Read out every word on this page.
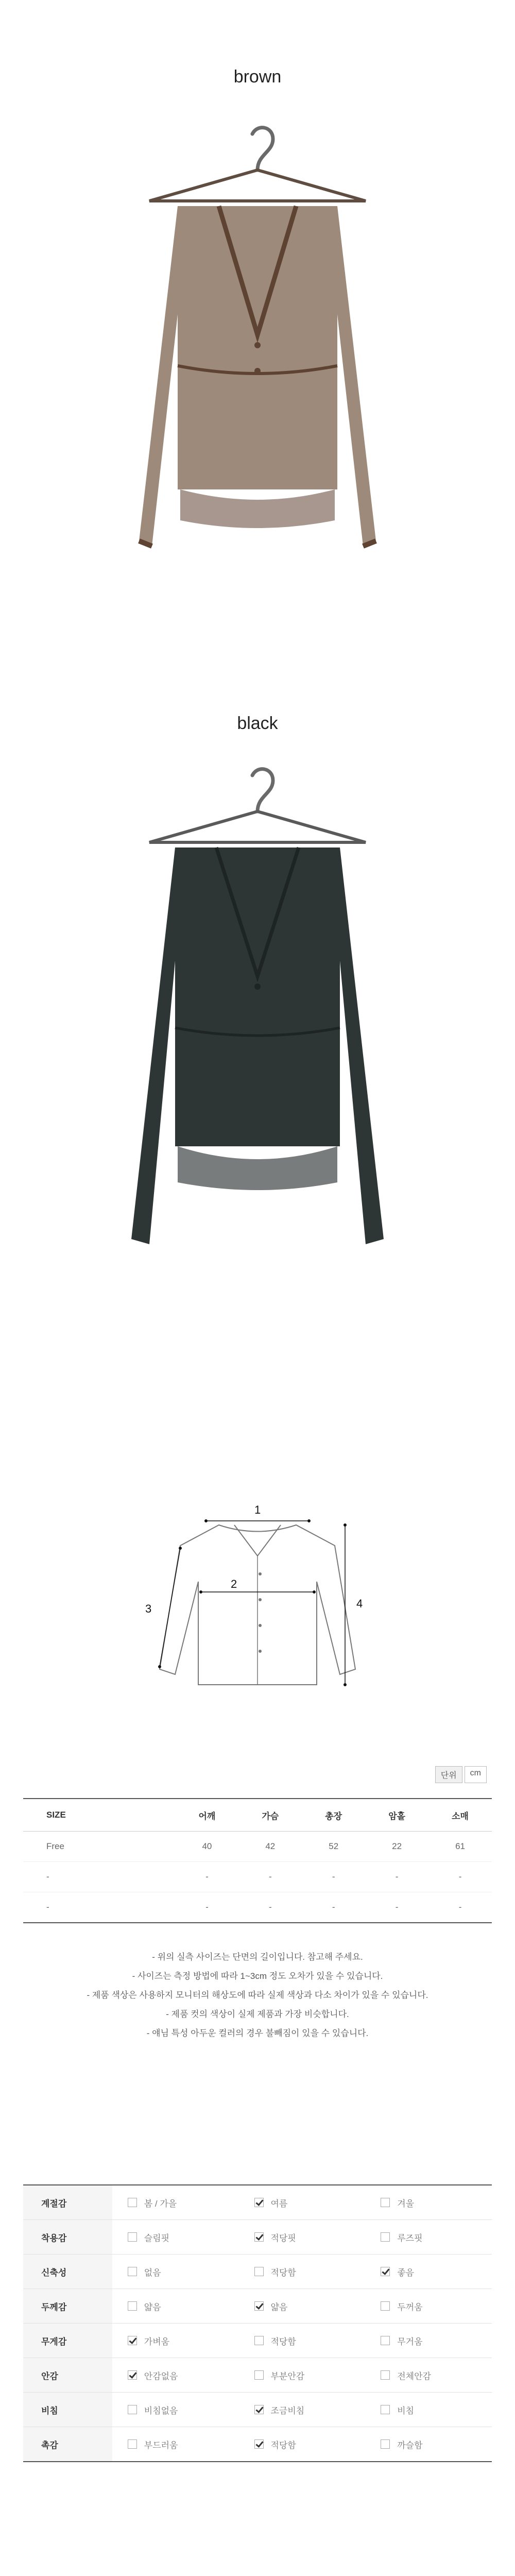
brown
black
1
2
3	4
단위	cm
SIZE	어깨	가슴	총장	암홀	소매
Free	40	42	52	22	61
-	-	-	-	-	-
-	-	-	-	-	-
- 위의 실측 사이즈는 단면의 길이입니다. 참고해 주세요.
- 사이즈는 측정 방법에 따라 1~3cm 정도 오차가 있을 수 있습니다.
- 제품 색상은 사용하지 모니터의 해상도에 따라 실제 색상과 다소 차이가 있을 수 있습니다.
- 제품 컷의 색상이 실제 제품과 가장 비슷합니다.
- 얘님 특성 아두운 컬러의 경우 불빼짐이 있을 수 있습니다.
계절감	봄 / 가을	여름	겨울
착용감	슬림핏	적당핏	루즈핏
신축성	없음	적당함	좋음
두께감	얇음	얇음	두꺼움
무게감	가벼움	적당함	무거움
안감	안감없음	부분안감	전체안감
비침	비침없음	조금비침	비침
촉감	부드러움	적당함	까슬함
